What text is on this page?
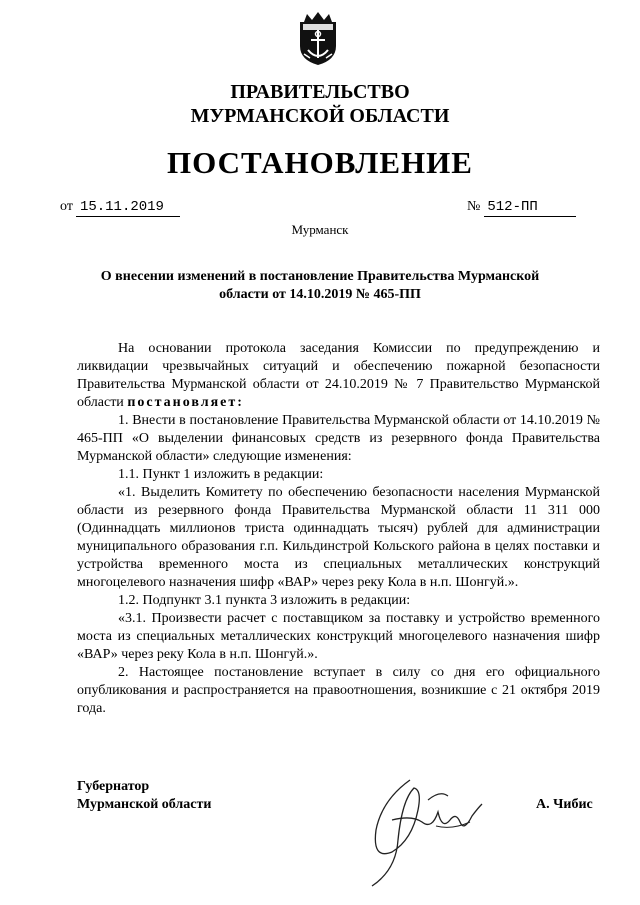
ПРАВИТЕЛЬСТВО
МУРМАНСКОЙ ОБЛАСТИ
ПОСТАНОВЛЕНИЕ
от 15.11.2019	№ 512-ПП
Мурманск
О внесении изменений в постановление Правительства Мурманской
области от 14.10.2019 № 465-ПП

На основании протокола заседания Комиссии по предупреждению и ликвидации чрезвычайных ситуаций и обеспечению пожарной безопасности Правительства Мурманской области от 24.10.2019 № 7 Правительство Мурманской области постановляет:

1. Внести в постановление Правительства Мурманской области от 14.10.2019 № 465-ПП «О выделении финансовых средств из резервного фонда Правительства Мурманской области» следующие изменения:

1.1. Пункт 1 изложить в редакции:

«1. Выделить Комитету по обеспечению безопасности населения Мурманской области из резервного фонда Правительства Мурманской области 11 311 000 (Одиннадцать миллионов триста одиннадцать тысяч) рублей для администрации муниципального образования г.п. Кильдинстрой Кольского района в целях поставки и устройства временного моста из специальных металлических конструкций многоцелевого назначения шифр «ВАР» через реку Кола в н.п. Шонгуй.».

1.2. Подпункт 3.1 пункта 3 изложить в редакции:

«3.1. Произвести расчет с поставщиком за поставку и устройство временного моста из специальных металлических конструкций многоцелевого назначения шифр «ВАР» через реку Кола в н.п. Шонгуй.».

2. Настоящее постановление вступает в силу со дня его официального опубликования и распространяется на правоотношения, возникшие с 21 октября 2019 года.

Губернатор
Мурманской области	А. Чибис
